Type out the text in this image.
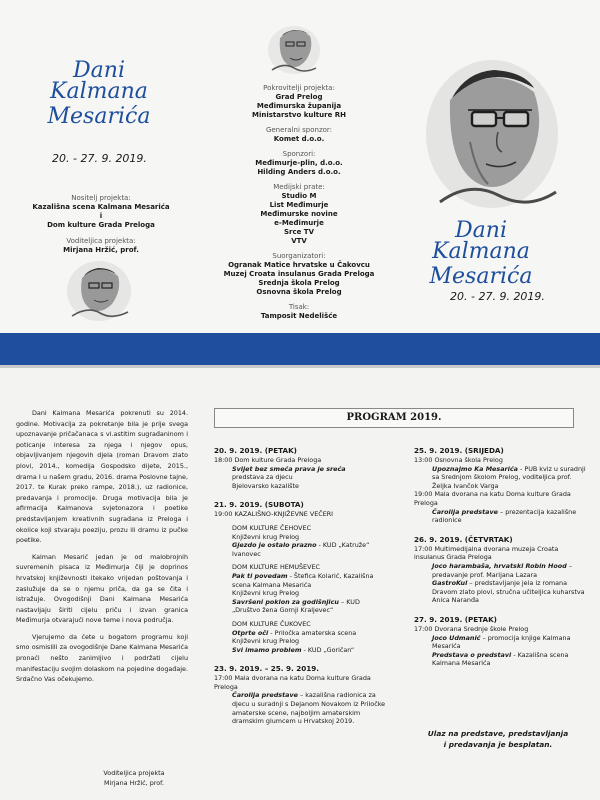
Dani
Kalmana Mesarića
20. - 27. 9. 2019.
Nositelj projekta:
Kazališna scena Kalmana Mesarića
i
Dom kulture Grada Preloga
Voditeljica projekta:
Mirjana Hržić, prof.
Pokrovitelji projekta:
Grad Prelog
Međimurska županija
Ministarstvo kulture RH
Generalni sponzor:
Komet d.o.o.
Sponzori:
Međimurje-plin, d.o.o.
Hilding Anders d.o.o.
Medijski prate:
Studio M
List Međimurje
Međimurske novine
e-Međimurje
Srce TV
VTV
Suorganizatori:
Ogranak Matice hrvatske u Čakovcu
Muzej Croata insulanus Grada Preloga
Srednja škola Prelog
Osnovna škola Prelog
Tisak:
Tamposit Nedelišće
Dani
Kalmana Mesarića
20. - 27. 9. 2019.

Dani Kalmana Mesarića pokrenuti su 2014. godine. Motivacija za pokretanje bila je prije svega upoznavanje pričačanaca s vl.astitim sugrađaninom i poticanje interesa za njega i njegov opus, objavljivanjem njegovih djela (roman Dravom zlato plovi, 2014., komedija Gospodsko dijete, 2015., drama I u našem gradu, 2016. drama Poslovne tajne, 2017. te Kurak preko rampe, 2018.), uz radionice, predavanja i promocije. Druga motivacija bila je afirmacija Kalmanova svjetonazora i poetike predstavljanjem kreativnih sugrađana iz Preloga i okolice koji stvaraju poeziju, prozu ili dramu iz pučke poetike.

Kalman Mesarić jedan je od malobrojnih suvremenih pisaca iz Međimurja čiji je doprinos hrvatskoj književnosti itekako vrijedan poštovanja i zaslužuje da se o njemu priča, da ga se čita i istražuje. Ovogodišnji Dani Kalmana Mesarića nastavljaju širiti cijelu priču i izvan granica Međimurja otvarajući nove teme i nova područja.

Vjerujemo da ćete u bogatom programu koji smo osmislili za ovogodišnje Dane Kalmana Mesarića pronaći nešto zanimljivo i podržati cijelu manifestaciju svojim dolaskom na pojedine događaje. Srdačno Vas očekujemo.

Voditeljica projekta
Mirjana Hržić, prof.
PROGRAM 2019.
20. 9. 2019. (PETAK)
18:00 Dom kulture Grada Preloga
Svijet bez smeća prava je sreća
predstava za djecu
Bjelovarsko kazalište
21. 9. 2019. (SUBOTA)
19:00 KAZALIŠNO-KNJIŽEVNE VEČERI
DOM KULTURE ČEHOVEC
Književni krug Prelog
Gjezdo je ostalo prazno - KUD „Katruže“
Ivanovec
DOM KULTURE HEMUŠEVEC
Pak ti povedam - Štefica Kolarić, Kazališna scena Kalmana Mesarića
Književni krug Prelog
Savršeni poklon za godišnjicu – KUD „Društvo žena Gornji Kraljevec“
DOM KULTURE ČUKOVEC
Otprte oči - Priločka amaterska scena
Književni krug Prelog
Svi imamo problem - KUD „Goričan“
23. 9. 2019. – 25. 9. 2019.
17:00 Mala dvorana na katu Doma kulture Grada Preloga
Čarolija predstave – kazališna radionica za djecu u suradnji s Dejanom Novakom iz Priločke amaterske scene, najboljim amaterskim dramskim glumcem u Hrvatskoj 2019.
25. 9. 2019. (SRIJEDA)
13:00 Osnovna škola Prelog
Upoznajmo Ka Mesarića - PUB kviz u suradnji sa Srednjom školom Prelog, voditeljica prof. Željka Ivančok Varga
19:00 Mala dvorana na katu Doma kulture Grada Preloga
Čarolija predstave – prezentacija kazališne radionice
26. 9. 2019. (ČETVRTAK)
17:00 Multimedijalna dvorana muzeja Croata insulanus Grada Preloga
Joco harambaša, hrvatski Robin Hood – predavanje prof. Marijana Lazara
GastroKul – predstavljanje jela iz romana Dravom zlato plovi, stručna učiteljica kuharstva Anica Naranđa
27. 9. 2019. (PETAK)
17:00 Dvorana Srednje škole Prelog
Joco Udmanić – promocija knjige Kalmana Mesarića
Predstava o predstavi - Kazališna scena Kalmana Mesarića
Ulaz na predstave, predstavljanja
i predavanja je besplatan.
